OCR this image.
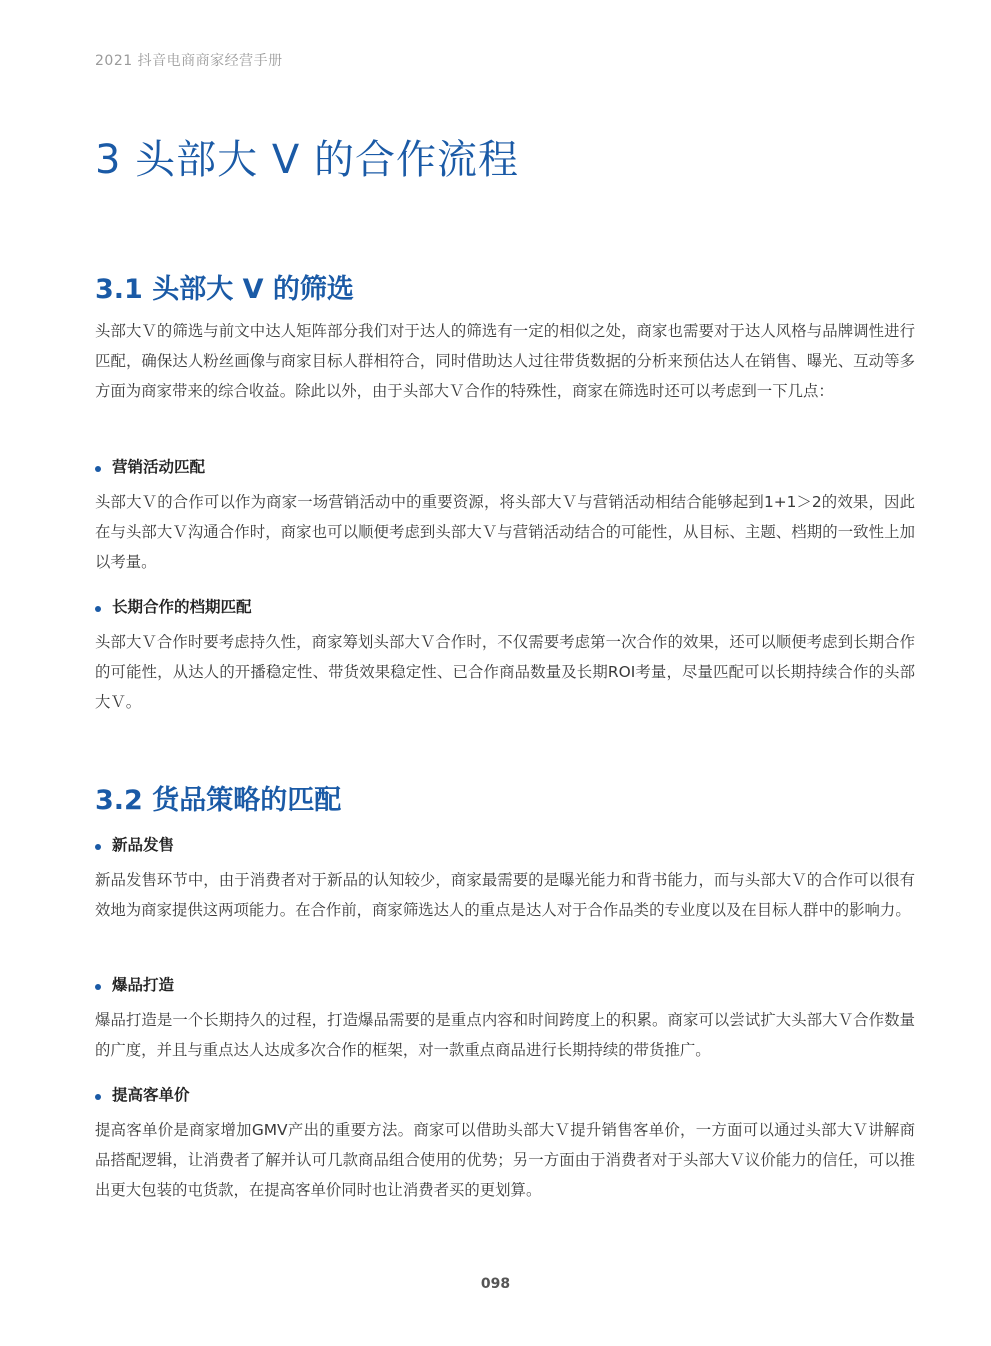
2021 抖音电商商家经营手册
3 头部大 V 的合作流程
3.1 头部大 V 的筛选

头部大Ｖ的筛选与前文中达人矩阵部分我们对于达人的筛选有一定的相似之处，商家也需要对于达人风格与品牌调性进行匹配，确保达人粉丝画像与商家目标人群相符合，同时借助达人过往带货数据的分析来预估达人在销售、曝光、互动等多方面为商家带来的综合收益。除此以外，由于头部大Ｖ合作的特殊性，商家在筛选时还可以考虑到一下几点：

营销活动匹配

头部大Ｖ的合作可以作为商家一场营销活动中的重要资源，将头部大Ｖ与营销活动相结合能够起到1+1＞2的效果，因此在与头部大Ｖ沟通合作时，商家也可以顺便考虑到头部大Ｖ与营销活动结合的可能性，从目标、主题、档期的一致性上加以考量。

长期合作的档期匹配

头部大Ｖ合作时要考虑持久性，商家筹划头部大Ｖ合作时，不仅需要考虑第一次合作的效果，还可以顺便考虑到长期合作的可能性，从达人的开播稳定性、带货效果稳定性、已合作商品数量及长期ROI考量，尽量匹配可以长期持续合作的头部大Ｖ。

3.2 货品策略的匹配
新品发售

新品发售环节中，由于消费者对于新品的认知较少，商家最需要的是曝光能力和背书能力，而与头部大Ｖ的合作可以很有效地为商家提供这两项能力。在合作前，商家筛选达人的重点是达人对于合作品类的专业度以及在目标人群中的影响力。

爆品打造

爆品打造是一个长期持久的过程，打造爆品需要的是重点内容和时间跨度上的积累。商家可以尝试扩大头部大Ｖ合作数量的广度，并且与重点达人达成多次合作的框架，对一款重点商品进行长期持续的带货推广。

提高客单价

提高客单价是商家增加GMV产出的重要方法。商家可以借助头部大Ｖ提升销售客单价，一方面可以通过头部大Ｖ讲解商品搭配逻辑，让消费者了解并认可几款商品组合使用的优势；另一方面由于消费者对于头部大Ｖ议价能力的信任，可以推出更大包装的屯货款，在提高客单价同时也让消费者买的更划算。

098
